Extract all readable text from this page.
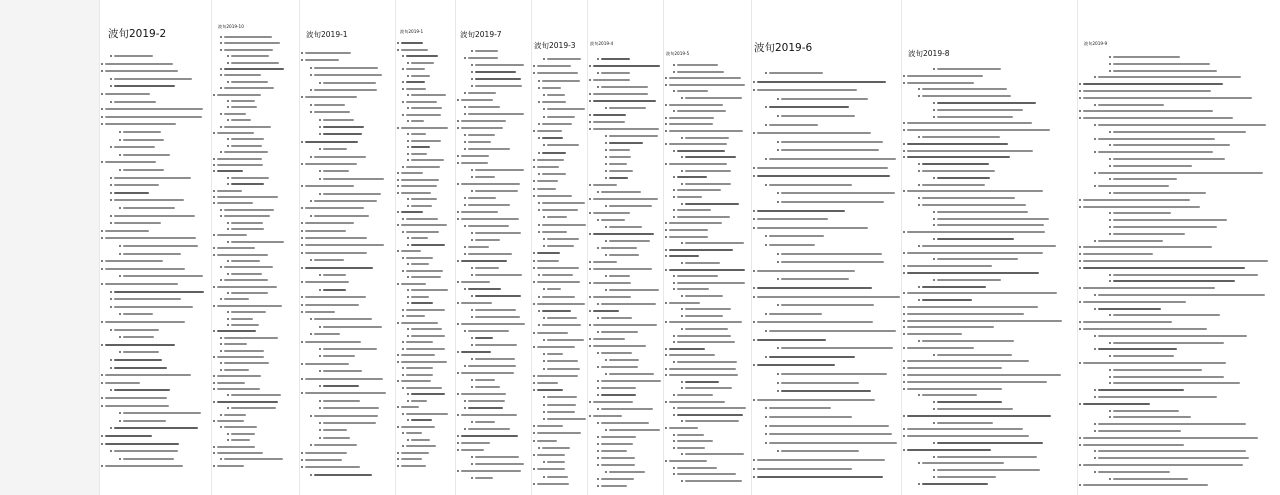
波旬2019-2
波旬2019-10
波旬2019-1	波旬2019-1	波旬2019-7
波旬2019-3	波旬2019-4
波旬2019-5	波旬2019-6	波旬2019-8
波旬2019-9
